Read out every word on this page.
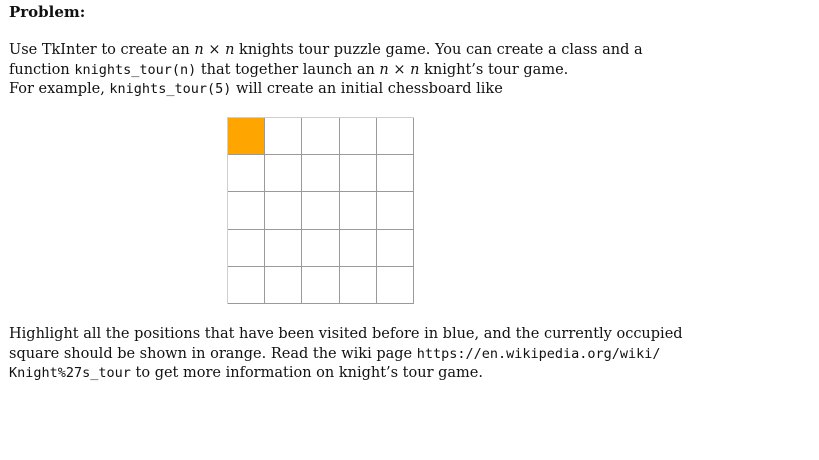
Problem:
Use TkInter to create an n × n knights tour puzzle game. You can create a class and a
function knights_tour(n) that together launch an n × n knight’s tour game.
For example, knights_tour(5) will create an initial chessboard like
Highlight all the positions that have been visited before in blue, and the currently occupied
square should be shown in orange. Read the wiki page https://en.wikipedia.org/wiki/
Knight%27s_tour to get more information on knight’s tour game.
